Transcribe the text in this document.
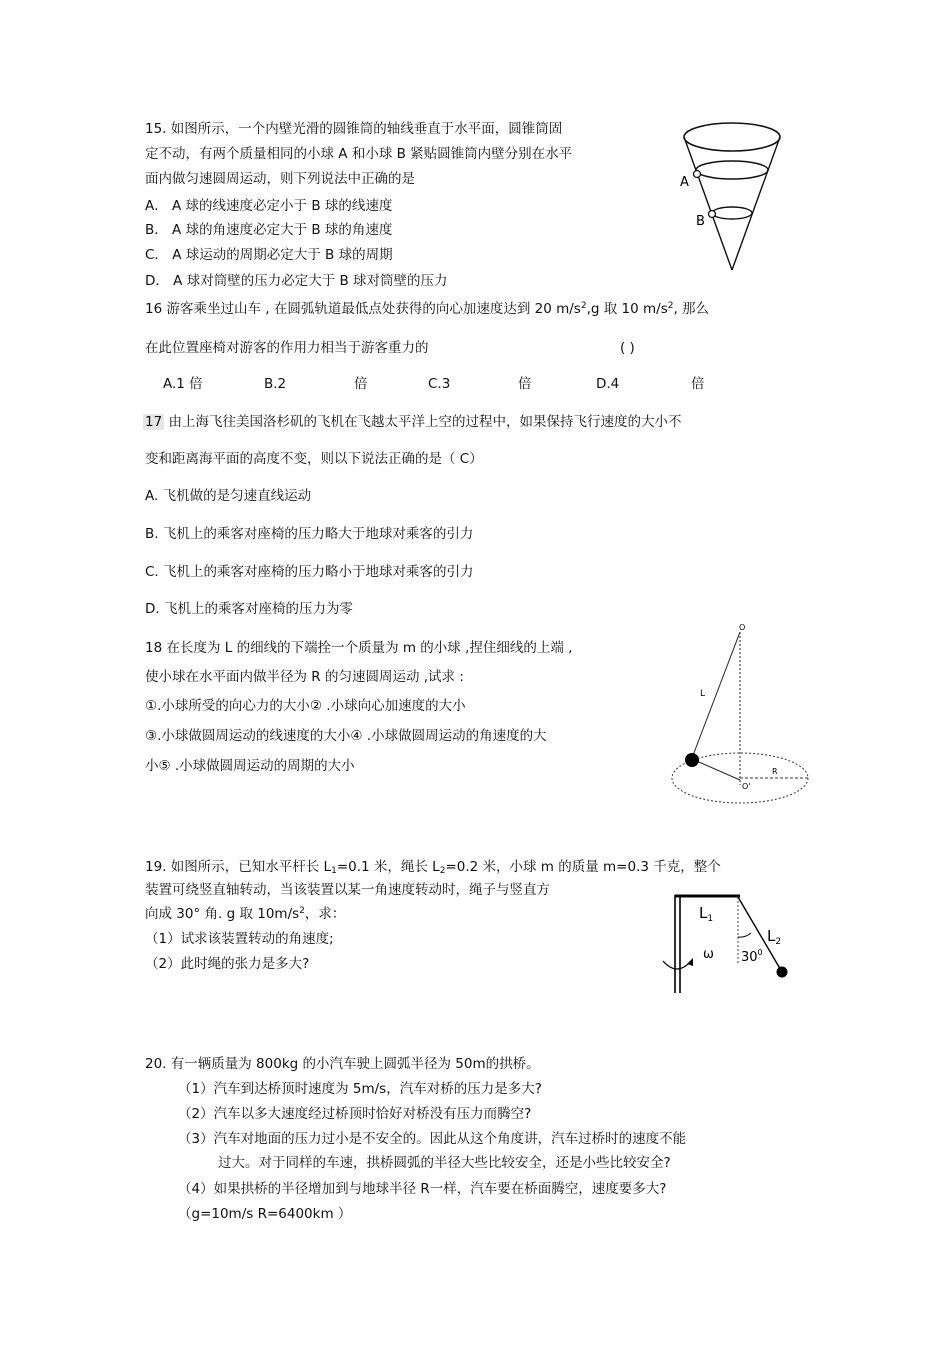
15. 如图所示，一个内壁光滑的圆锥筒的轴线垂直于水平面，圆锥筒固
定不动，有两个质量相同的小球 A 和小球 B 紧贴圆锥筒内壁分别在水平
面内做匀速圆周运动，则下列说法中正确的是
A． A 球的线速度必定小于 B 球的线速度
B． A 球的角速度必定大于 B 球的角速度
C． A 球运动的周期必定大于 B 球的周期
D． A 球对筒壁的压力必定大于 B 球对筒壁的压力
A
B
16 游客乘坐过山车 , 在圆弧轨道最低点处获得的向心加速度达到 20 $m/s^2,g$ 取 10 $m/s^2$, 那么
在此位置座椅对游客的作用力相当于游客重力的	( )
A.1 倍	B.2	倍	C.3	倍	D.4	倍
17 由上海飞往美国洛杉矶的飞机在飞越太平洋上空的过程中，如果保持飞行速度的大小不
变和距离海平面的高度不变，则以下说法正确的是（ C）
A. 飞机做的是匀速直线运动
B. 飞机上的乘客对座椅的压力略大于地球对乘客的引力
C. 飞机上的乘客对座椅的压力略小于地球对乘客的引力
D. 飞机上的乘客对座椅的压力为零
18 在长度为 L 的细线的下端拴一个质量为 m 的小球 ,捏住细线的上端 ,
使小球在水平面内做半径为 R 的匀速圆周运动 ,试求 :
①.小球所受的向心力的大小② .小球向心加速度的大小
③.小球做圆周运动的线速度的大小④ .小球做圆周运动的角速度的大
小⑤ .小球做圆周运动的周期的大小
O
L
R
O'
19. 如图所示，已知水平杆长 $L_1=0.1$ 米，绳长 $L_2=0.2$ 米，小球 m 的质量 m=0.3 千克，整个
装置可绕竖直轴转动，当该装置以某一角速度转动时，绳子与竖直方
向成 30° 角. g 取 $10m/s^2$，求：
（1）试求该装置转动的角速度;
（2）此时绳的张力是多大?
$L_1$
$L_2$
$30^0$
ω
20. 有一辆质量为 800kg 的小汽车驶上圆弧半径为 50m的拱桥。
（1）汽车到达桥顶时速度为 5m/s，汽车对桥的压力是多大?
（2）汽车以多大速度经过桥顶时恰好对桥没有压力而腾空?
（3）汽车对地面的压力过小是不安全的。因此从这个角度讲，汽车过桥时的速度不能
过大。对于同样的车速，拱桥圆弧的半径大些比较安全，还是小些比较安全?
（4）如果拱桥的半径增加到与地球半径 R一样，汽车要在桥面腾空，速度要多大?
（g=10m/s R=6400km ）
